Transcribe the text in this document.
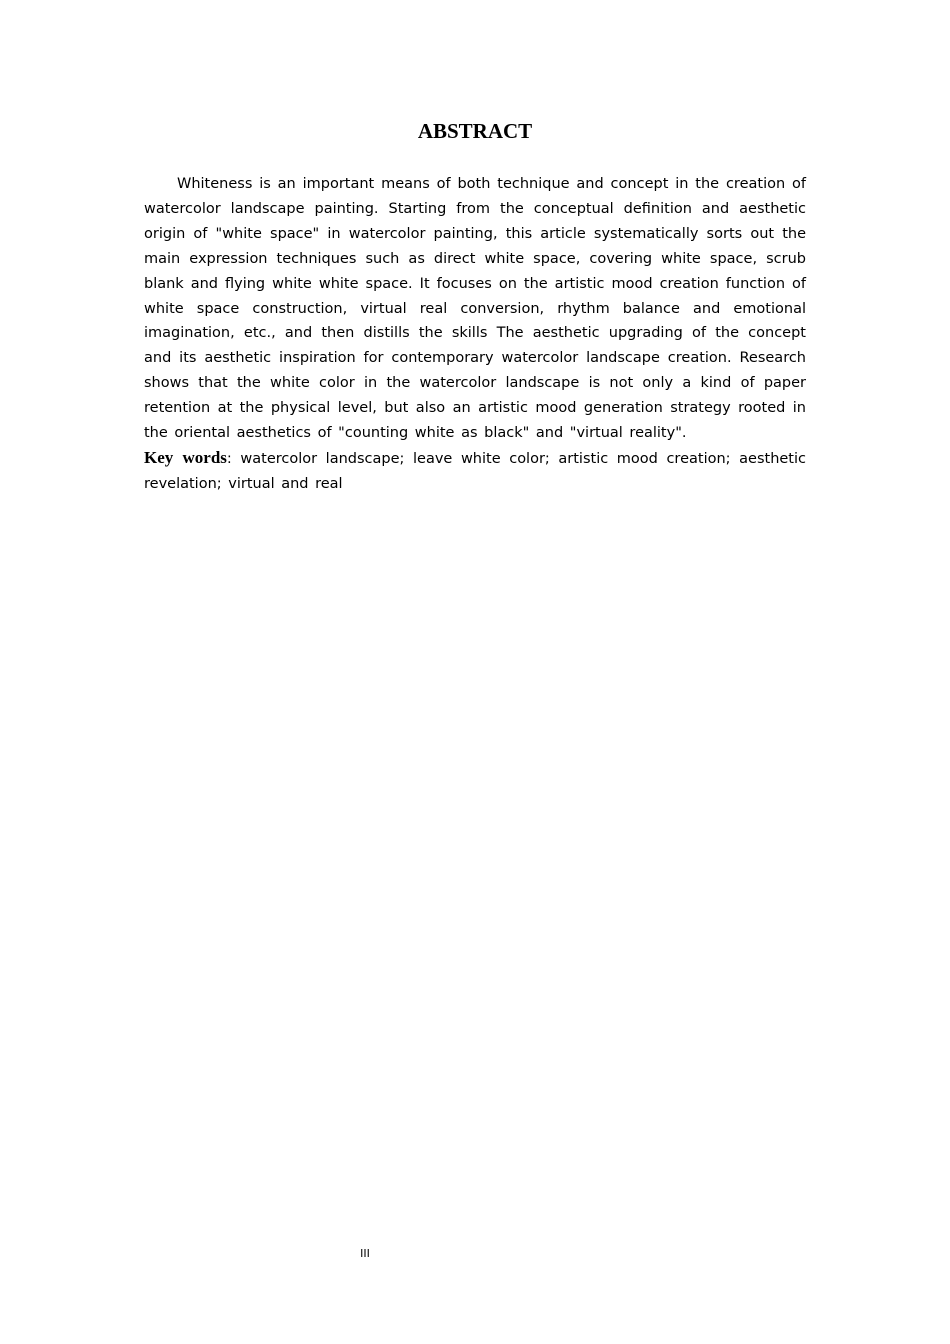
ABSTRACT

Whiteness is an important means of both technique and concept in the creation of watercolor landscape painting. Starting from the conceptual definition and aesthetic origin of "white space" in watercolor painting, this article systematically sorts out the main expression techniques such as direct white space, covering white space, scrub blank and flying white white space. It focuses on the artistic mood creation function of white space construction, virtual real conversion, rhythm balance and emotional imagination, etc., and then distills the skills The aesthetic upgrading of the concept and its aesthetic inspiration for contemporary watercolor landscape creation. Research shows that the white color in the watercolor landscape is not only a kind of paper retention at the physical level, but also an artistic mood generation strategy rooted in the oriental aesthetics of "counting white as black" and "virtual reality".

Key words: watercolor landscape; leave white color; artistic mood creation; aesthetic revelation; virtual and real

III
